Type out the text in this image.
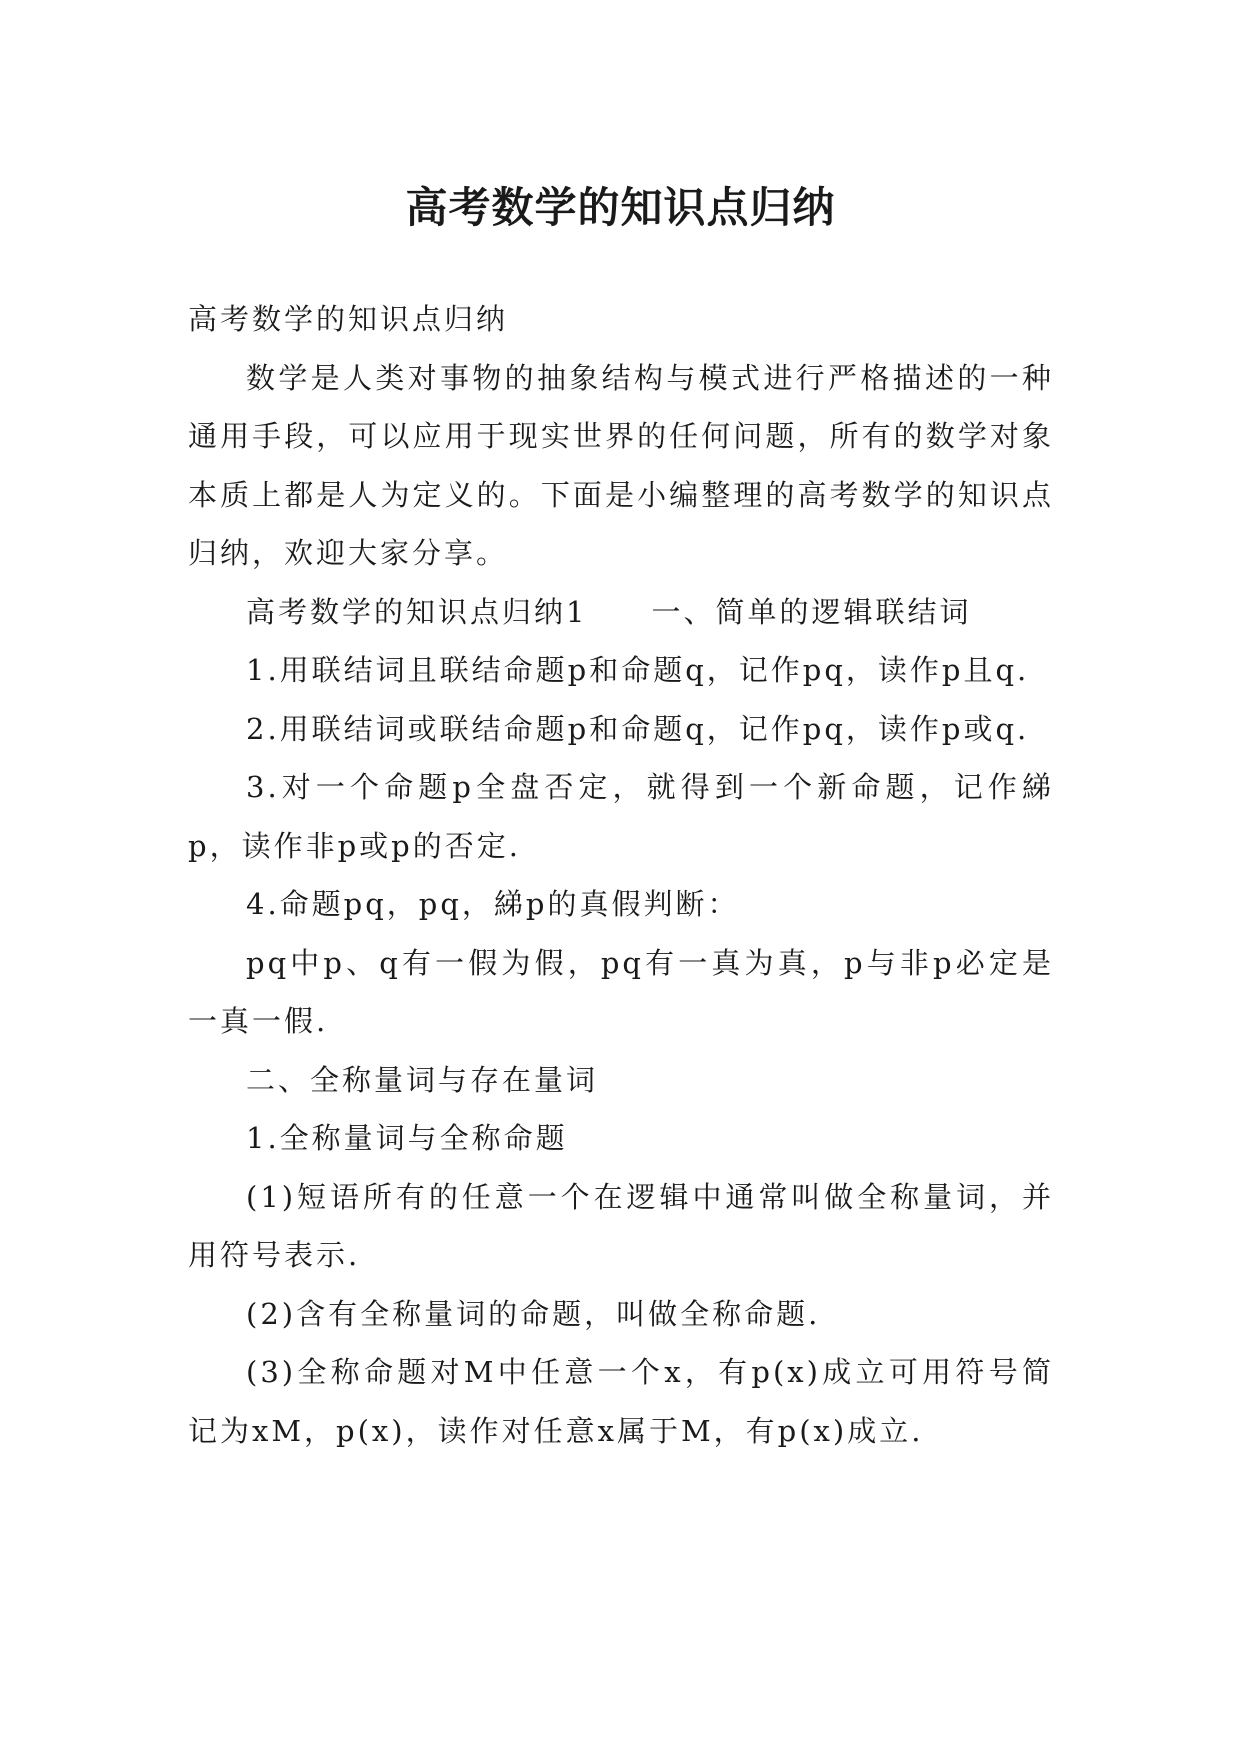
高考数学的知识点归纳

高考数学的知识点归纳

数学是人类对事物的抽象结构与模式进行严格描述的一种通用手段，可以应用于现实世界的任何问题，所有的数学对象本质上都是人为定义的。下面是小编整理的高考数学的知识点归纳，欢迎大家分享。

高考数学的知识点归纳1　　一、简单的逻辑联结词

1.用联结词且联结命题p和命题q，记作pq，读作p且q.

2.用联结词或联结命题p和命题q，记作pq，读作p或q.

3.对一个命题p全盘否定，就得到一个新命题，记作綈p，读作非p或p的否定.

4.命题pq，pq，綈p的真假判断：

pq中p、q有一假为假，pq有一真为真，p与非p必定是一真一假.

二、全称量词与存在量词

1.全称量词与全称命题

(1)短语所有的任意一个在逻辑中通常叫做全称量词，并用符号表示.

(2)含有全称量词的命题，叫做全称命题.

(3)全称命题对M中任意一个x，有p(x)成立可用符号简记为xM，p(x)，读作对任意x属于M，有p(x)成立.
